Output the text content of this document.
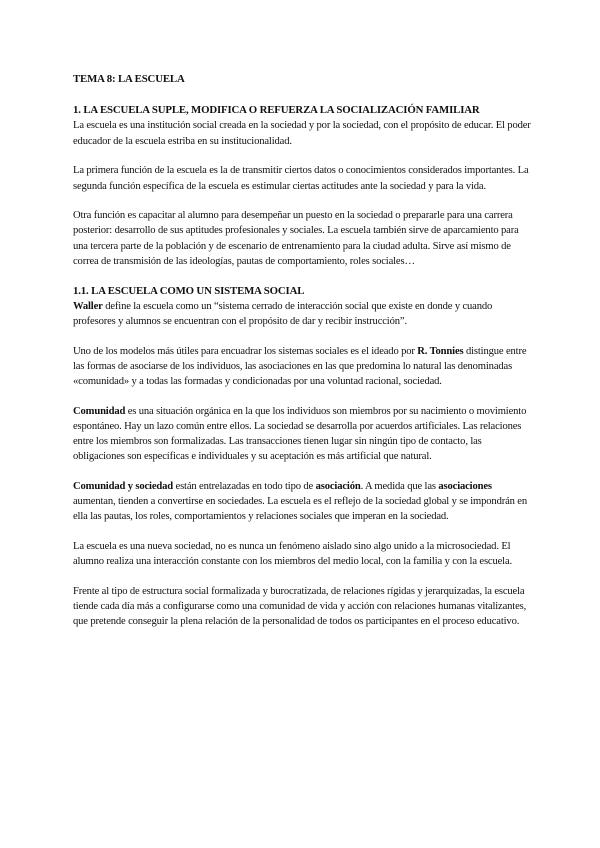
TEMA 8: LA ESCUELA
1. LA ESCUELA SUPLE, MODIFICA O REFUERZA LA SOCIALIZACIÓN FAMILIAR

La escuela es una institución social creada en la sociedad y por la sociedad, con el propósito de educar. El poder educador de la escuela estriba en su institucionalidad.

La primera función de la escuela es la de transmitir ciertos datos o conocimientos considerados importantes. La segunda función específica de la escuela es estimular ciertas actitudes ante la sociedad y para la vida.

Otra función es capacitar al alumno para desempeñar un puesto en la sociedad o prepararle para una carrera posterior: desarrollo de sus aptitudes profesionales y sociales. La escuela también sirve de aparcamiento para una tercera parte de la población y de escenario de entrenamiento para la ciudad adulta. Sirve así mismo de correa de transmisión de las ideologías, pautas de comportamiento, roles sociales…

1.1. LA ESCUELA COMO UN SISTEMA SOCIAL

Waller define la escuela como un “sistema cerrado de interacción social que existe en donde y cuando profesores y alumnos se encuentran con el propósito de dar y recibir instrucción”.

Uno de los modelos más útiles para encuadrar los sistemas sociales es el ideado por R. Tonnies distingue entre las formas de asociarse de los individuos, las asociaciones en las que predomina lo natural las denominadas «comunidad» y a todas las formadas y condicionadas por una voluntad racional, sociedad.

Comunidad es una situación orgánica en la que los individuos son miembros por su nacimiento o movimiento espontáneo. Hay un lazo común entre ellos. La sociedad se desarrolla por acuerdos artificiales. Las relaciones entre los miembros son formalizadas. Las transacciones tienen lugar sin ningún tipo de contacto, las obligaciones son específicas e individuales y su aceptación es más artificial que natural.

Comunidad y sociedad están entrelazadas en todo tipo de asociación. A medida que las asociaciones aumentan, tienden a convertirse en sociedades. La escuela es el reflejo de la sociedad global y se impondrán en ella las pautas, los roles, comportamientos y relaciones sociales que imperan en la sociedad.

La escuela es una nueva sociedad, no es nunca un fenómeno aislado sino algo unido a la microsociedad. El alumno realiza una interacción constante con los miembros del medio local, con la familia y con la escuela.

Frente al tipo de estructura social formalizada y burocratizada, de relaciones rígidas y jerarquizadas, la escuela tiende cada día más a configurarse como una comunidad de vida y acción con relaciones humanas vitalizantes, que pretende conseguir la plena relación de la personalidad de todos os participantes en el proceso educativo.
